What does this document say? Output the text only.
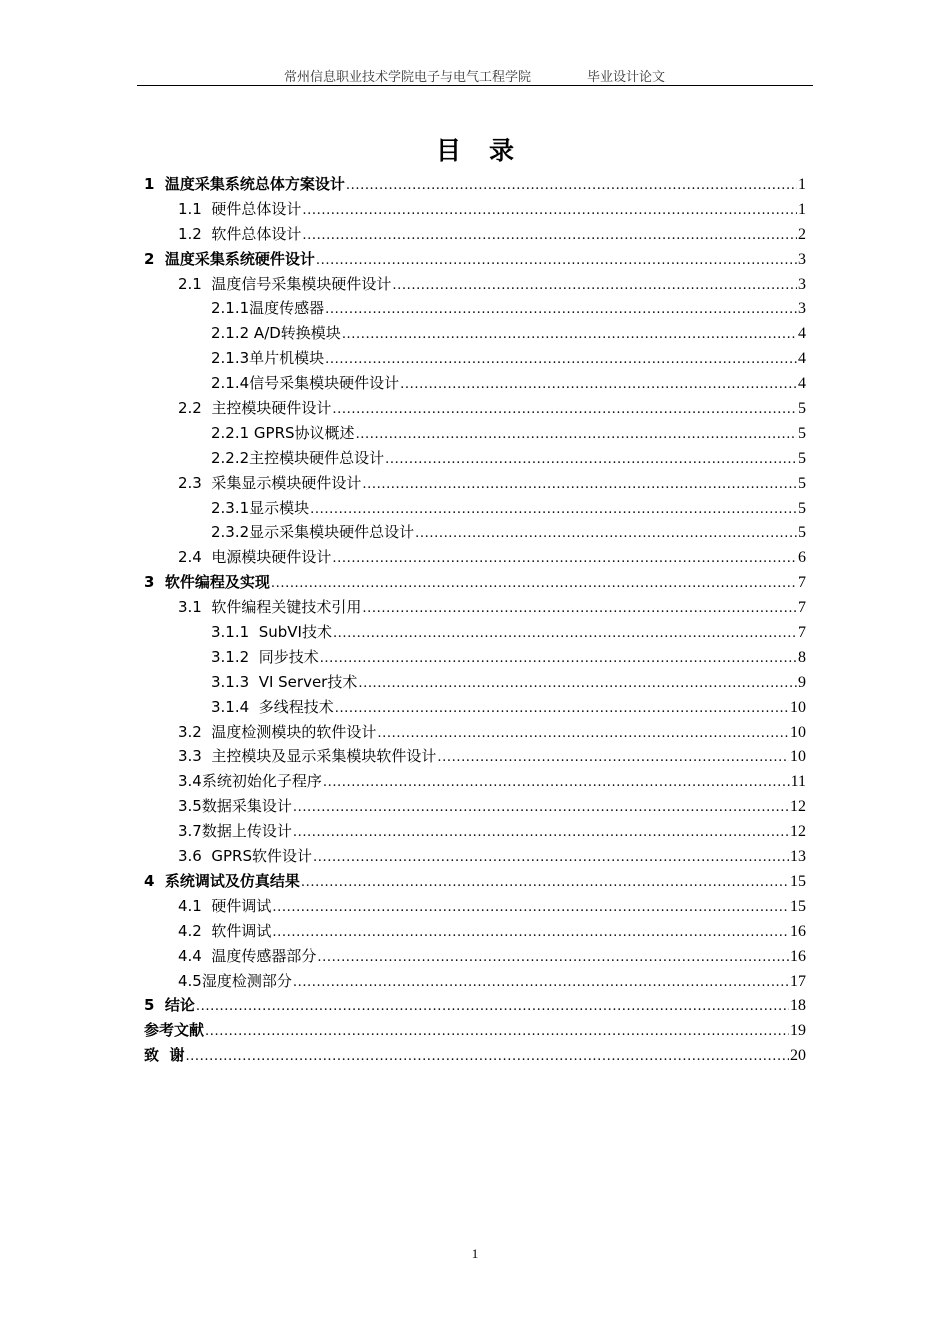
常州信息职业技术学院电子与电气工程学院	毕业设计论文
目录
1  温度采集系统总体方案设计 .....	1
1.1  硬件总体设计 .....	1
1.2  软件总体设计 .....	2
2  温度采集系统硬件设计 .....	3
2.1  温度信号采集模块硬件设计 .....	3
2.1.1温度传感器 .....	3
2.1.2 A/D转换模块 .....	4
2.1.3单片机模块 .....	4
2.1.4信号采集模块硬件设计 .....	4
2.2  主控模块硬件设计 .....	5
2.2.1 GPRS协议概述 .....	5
2.2.2主控模块硬件总设计 .....	5
2.3  采集显示模块硬件设计 .....	5
2.3.1显示模块 .....	5
2.3.2显示采集模块硬件总设计 .....	5
2.4  电源模块硬件设计 .....	6
3  软件编程及实现 .....	7
3.1  软件编程关键技术引用 .....	7
3.1.1  SubVI技术 .....	7
3.1.2  同步技术 .....	8
3.1.3  VI Server技术 .....	9
3.1.4  多线程技术 .....	10
3.2  温度检测模块的软件设计 .....	10
3.3  主控模块及显示采集模块软件设计 .....	10
3.4系统初始化子程序 .....	11
3.5数据采集设计 .....	12
3.7数据上传设计 .....	12
3.6  GPRS软件设计 .....	13
4  系统调试及仿真结果 .....	15
4.1  硬件调试 .....	15
4.2  软件调试 .....	16
4.4  温度传感器部分 .....	16
4.5湿度检测部分 .....	17
5  结论 .....	18
参考文献 .....	19
致  谢 .....	20
1
